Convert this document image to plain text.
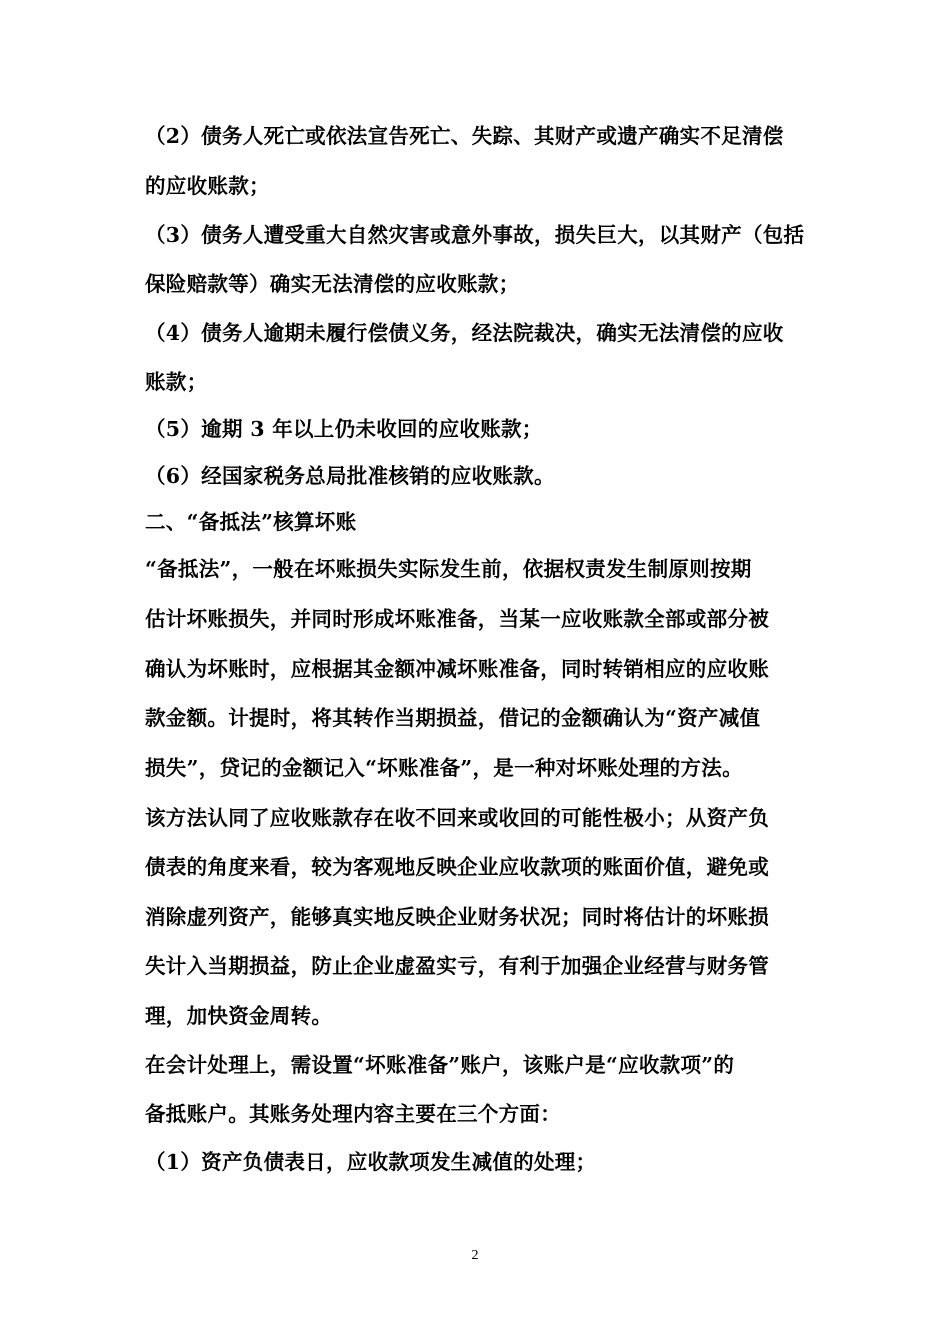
（2）债务人死亡或依法宣告死亡、失踪、其财产或遗产确实不足清偿
的应收账款；
（3）债务人遭受重大自然灾害或意外事故，损失巨大，以其财产（包括
保险赔款等）确实无法清偿的应收账款；
（4）债务人逾期未履行偿债义务，经法院裁决，确实无法清偿的应收
账款；
（5）逾期 3 年以上仍未收回的应收账款；
（6）经国家税务总局批准核销的应收账款。
二、“备抵法”核算坏账
“备抵法”，一般在坏账损失实际发生前，依据权责发生制原则按期
估计坏账损失，并同时形成坏账准备，当某一应收账款全部或部分被
确认为坏账时，应根据其金额冲减坏账准备，同时转销相应的应收账
款金额。计提时，将其转作当期损益，借记的金额确认为“资产减值
损失”，贷记的金额记入“坏账准备”，是一种对坏账处理的方法。
该方法认同了应收账款存在收不回来或收回的可能性极小；从资产负
债表的角度来看，较为客观地反映企业应收款项的账面价值，避免或
消除虚列资产，能够真实地反映企业财务状况；同时将估计的坏账损
失计入当期损益，防止企业虚盈实亏，有利于加强企业经营与财务管
理，加快资金周转。
在会计处理上，需设置“坏账准备”账户，该账户是“应收款项”的
备抵账户。其账务处理内容主要在三个方面：
（1）资产负债表日，应收款项发生减值的处理；
2
